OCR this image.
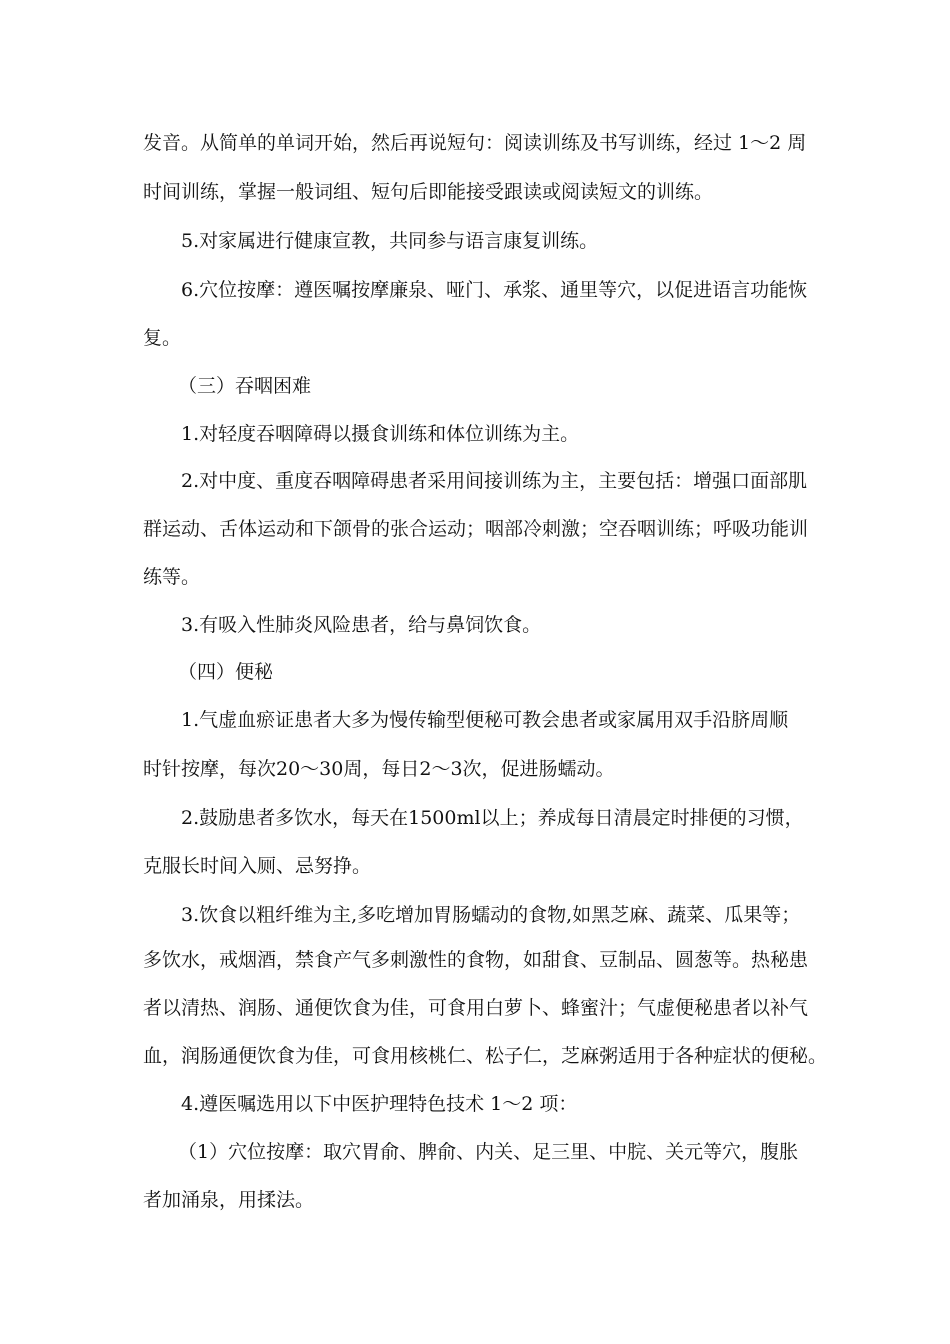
发音。从简单的单词开始，然后再说短句：阅读训练及书写训练，经过 1～2 周
时间训练，掌握一般词组、短句后即能接受跟读或阅读短文的训练。
5.对家属进行健康宣教，共同参与语言康复训练。
6.穴位按摩：遵医嘱按摩廉泉、哑门、承浆、通里等穴，以促进语言功能恢
复。
（三）吞咽困难
1.对轻度吞咽障碍以摄食训练和体位训练为主。
2.对中度、重度吞咽障碍患者采用间接训练为主，主要包括：增强口面部肌
群运动、舌体运动和下颌骨的张合运动；咽部冷刺激；空吞咽训练；呼吸功能训
练等。
3.有吸入性肺炎风险患者，给与鼻饲饮食。
（四）便秘
1.气虚血瘀证患者大多为慢传输型便秘可教会患者或家属用双手沿脐周顺
时针按摩，每次20～30周，每日2～3次，促进肠蠕动。
2.鼓励患者多饮水，每天在1500ml以上；养成每日清晨定时排便的习惯，
克服长时间入厕、忌努挣。
3.饮食以粗纤维为主,多吃增加胃肠蠕动的食物,如黑芝麻、蔬菜、瓜果等；
多饮水，戒烟酒，禁食产气多刺激性的食物，如甜食、豆制品、圆葱等。热秘患
者以清热、润肠、通便饮食为佳，可食用白萝卜、蜂蜜汁；气虚便秘患者以补气
血，润肠通便饮食为佳，可食用核桃仁、松子仁，芝麻粥适用于各种症状的便秘。
4.遵医嘱选用以下中医护理特色技术 1～2 项：
（1）穴位按摩：取穴胃俞、脾俞、内关、足三里、中脘、关元等穴，腹胀
者加涌泉，用揉法。
